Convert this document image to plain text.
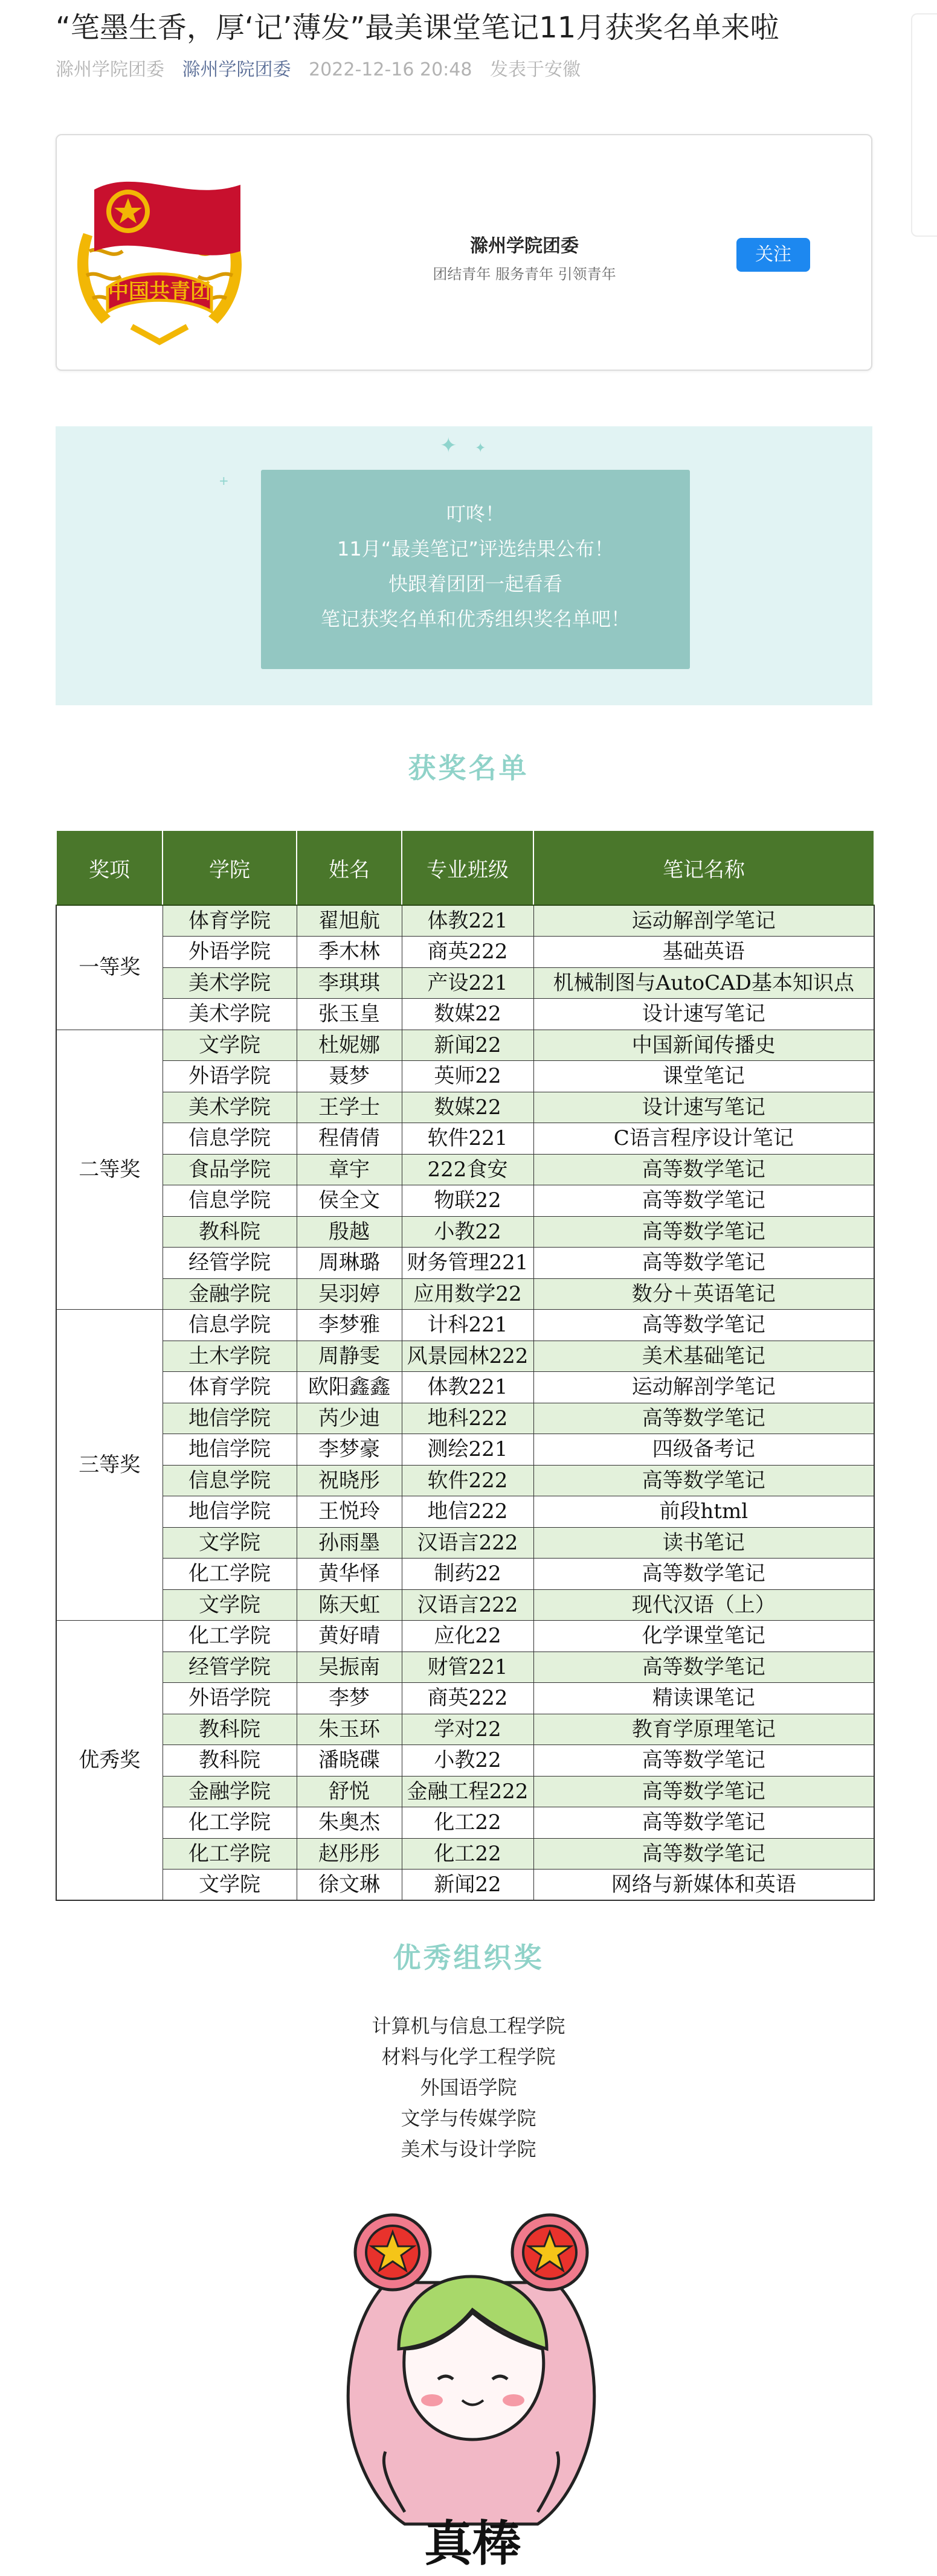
“笔墨生香，厚‘记’薄发”最美课堂笔记11月获奖名单来啦
滁州学院团委 滁州学院团委 2022-12-16 20:48 发表于安徽
中国共青团
滁州学院团委
团结青年 服务青年 引领青年
关注
✦ ✦
+
叮咚！
11月“最美笔记”评选结果公布！
快跟着团团一起看看
笔记获奖名单和优秀组织奖名单吧！
获奖名单
奖项	学院	姓名	专业班级	笔记名称
一等奖	体育学院	翟旭航	体教221	运动解剖学笔记
	外语学院	季木林	商英222	基础英语
	美术学院	李琪琪	产设221	机械制图与AutoCAD基本知识点
	美术学院	张玉皇	数媒22	设计速写笔记
二等奖	文学院	杜妮娜	新闻22	中国新闻传播史
	外语学院	聂梦	英师22	课堂笔记
	美术学院	王学士	数媒22	设计速写笔记
	信息学院	程倩倩	软件221	C语言程序设计笔记
	食品学院	章宇	222食安	高等数学笔记
	信息学院	侯全文	物联22	高等数学笔记
	教科院	殷越	小教22	高等数学笔记
	经管学院	周琳璐	财务管理221	高等数学笔记
	金融学院	吴羽婷	应用数学22	数分＋英语笔记
三等奖	信息学院	李梦雅	计科221	高等数学笔记
	土木学院	周静雯	风景园林222	美术基础笔记
	体育学院	欧阳鑫鑫	体教221	运动解剖学笔记
	地信学院	芮少迪	地科222	高等数学笔记
	地信学院	李梦豪	测绘221	四级备考记
	信息学院	祝晓彤	软件222	高等数学笔记
	地信学院	王悦玲	地信222	前段html
	文学院	孙雨墨	汉语言222	读书笔记
	化工学院	黄华怿	制药22	高等数学笔记
	文学院	陈天虹	汉语言222	现代汉语（上）
优秀奖	化工学院	黄好晴	应化22	化学课堂笔记
	经管学院	吴振南	财管221	高等数学笔记
	外语学院	李梦	商英222	精读课笔记
	教科院	朱玉环	学对22	教育学原理笔记
	教科院	潘晓碟	小教22	高等数学笔记
	金融学院	舒悦	金融工程222	高等数学笔记
	化工学院	朱奥杰	化工22	高等数学笔记
	化工学院	赵彤彤	化工22	高等数学笔记
	文学院	徐文琳	新闻22	网络与新媒体和英语
优秀组织奖
计算机与信息工程学院
材料与化学工程学院
外国语学院
文学与传媒学院
美术与设计学院
真棒
